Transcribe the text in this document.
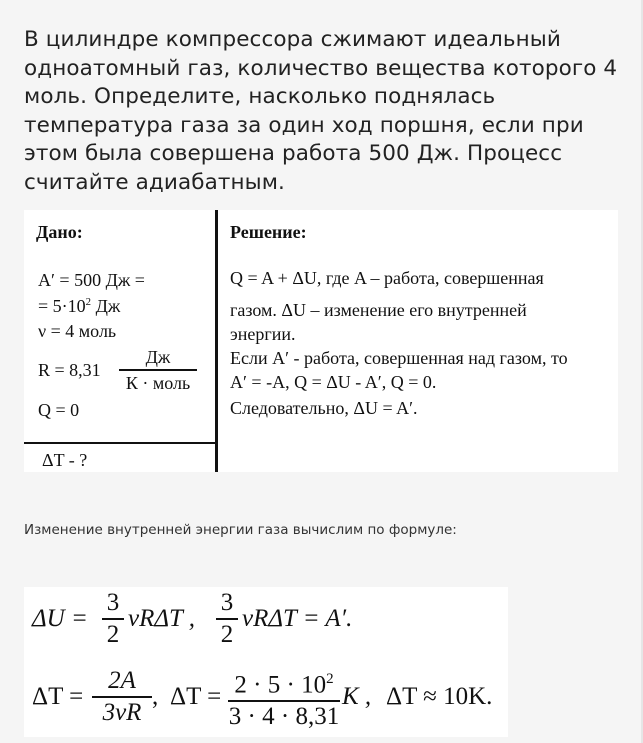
В цилиндре компрессора сжимают идеальный одноатомный газ, количество вещества которого 4 моль. Определите, насколько поднялась температура газа за один ход поршня, если при этом была совершена работа 500 Дж. Процесс считайте адиабатным.
Дано:
A′ = 500 Дж =
= $5\cdot 10^2$ Дж
ν = 4 моль
R = 8,31
Дж
К · моль
Q = 0
ΔT - ?
Решение:
Q = A + ΔU, где A – работа, совершенная
газом. ΔU – изменение его внутренней
энергии.
Если A′ - работа, совершенная над газом, то
A′ = -A, Q = ΔU - A′, Q = 0.
Следовательно, ΔU = A′.
Изменение внутренней энергии газа вычислим по формуле:
ΔU =
3
2
νRΔT ,
3
2
νRΔT = A′.
ΔT =
2A
3νR
, $\Delta T = 2 \cdot 5 \cdot 10^2$
3 · 4 · 8,31
K , ΔT ≈ 10K.
